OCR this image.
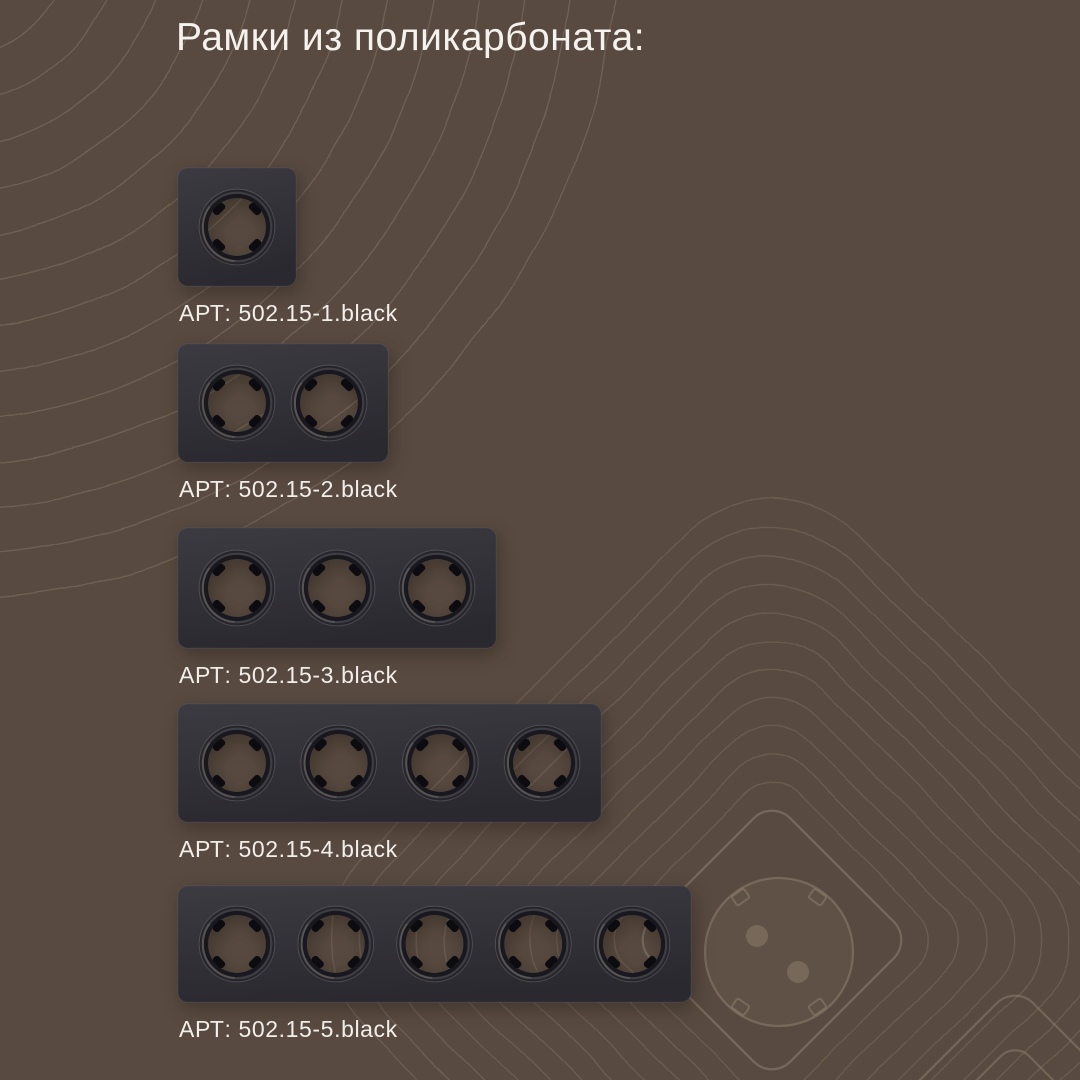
Рамки из поликарбоната:
АРТ: 502.15-1.black
АРТ: 502.15-2.black
АРТ: 502.15-3.black
АРТ: 502.15-4.black
АРТ: 502.15-5.black
